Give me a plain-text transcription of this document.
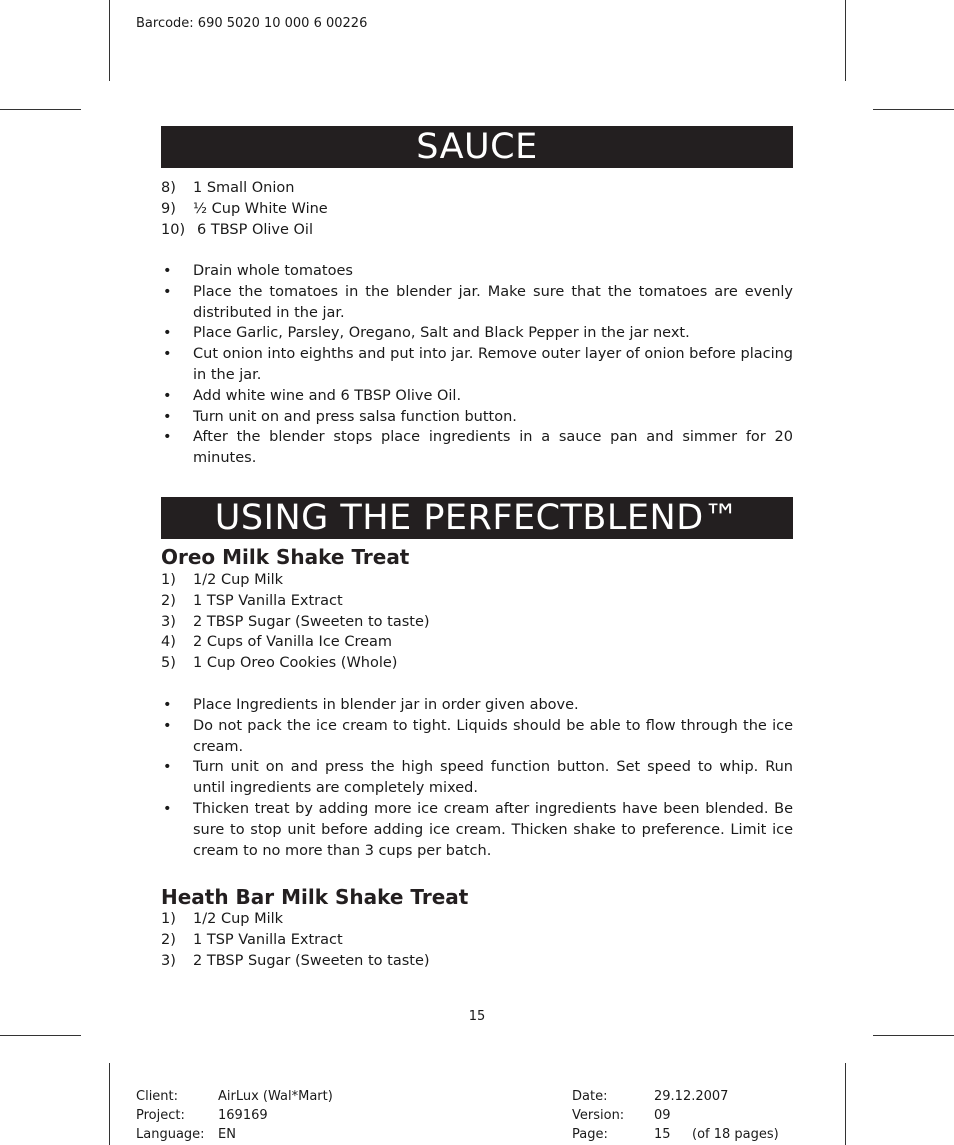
Barcode: 690 5020 10 000 6 00226
SAUCE
8)	1 Small Onion
9)	½ Cup White Wine
10) 6 TBSP Olive Oil
• Drain whole tomatoes
• Place the tomatoes in the blender jar. Make sure that the tomatoes are evenly distributed in the jar.
• Place Garlic, Parsley, Oregano, Salt and Black Pepper in the jar next.
• Cut onion into eighths and put into jar. Remove outer layer of onion before placing in the jar.
• Add white wine and 6 TBSP Olive Oil.
• Turn unit on and press salsa function button.
• After the blender stops place ingredients in a sauce pan and simmer for 20 minutes.
USING THE PERFECTBLEND™
Oreo Milk Shake Treat
1)	1/2 Cup Milk
2)	1 TSP Vanilla Extract
3)	2 TBSP Sugar (Sweeten to taste)
4)	2 Cups of Vanilla Ice Cream
5)	1 Cup Oreo Cookies (Whole)
• Place Ingredients in blender jar in order given above.
• Do not pack the ice cream to tight. Liquids should be able to flow through the ice cream.
• Turn unit on and press the high speed function button. Set speed to whip. Run until ingredients are completely mixed.
• Thicken treat by adding more ice cream after ingredients have been blended. Be sure to stop unit before adding ice cream. Thicken shake to preference. Limit ice cream to no more than 3 cups per batch.
Heath Bar Milk Shake Treat
1)	1/2 Cup Milk
2)	1 TSP Vanilla Extract
3)	2 TBSP Sugar (Sweeten to taste)
15
Client:	AirLux (Wal*Mart)
Project:	169169
Language: EN
Date:	29.12.2007
Version: 09
Page:	15 (of 18 pages)
